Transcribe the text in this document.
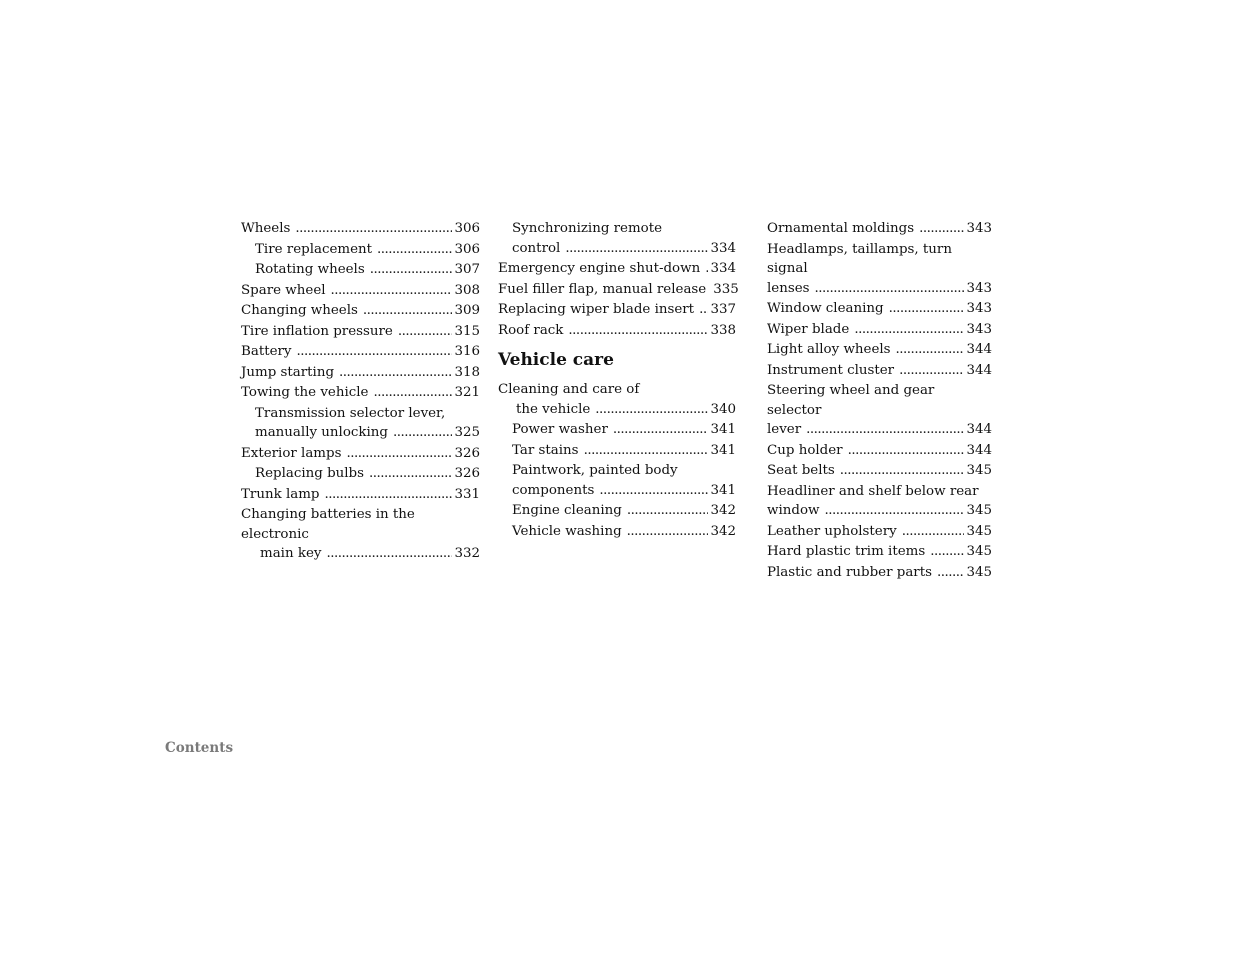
Wheels .....	306
Tire replacement .....	306
Rotating wheels .....	307
Spare wheel .....	308
Changing wheels .....	309
Tire inflation pressure .....	315
Battery .....	316
Jump starting .....	318
Towing the vehicle .....	321
Transmission selector lever,
manually unlocking .....	325
Exterior lamps .....	326
Replacing bulbs .....	326
Trunk lamp .....	331
Changing batteries in the electronic
main key .....	332
Synchronizing remote
control .....	334
Emergency engine shut-down ..... 334
Fuel filler flap, manual release 335
Replacing wiper blade insert ..... 337
Roof rack .....	338
Vehicle care
Cleaning and care of
the vehicle .....	340
Power washer .....	341
Tar stains .....	341
Paintwork, painted body
components .....	341
Engine cleaning .....	342
Vehicle washing .....	342
Ornamental moldings .....	343
Headlamps, taillamps, turn signal
lenses .....	343
Window cleaning .....	343
Wiper blade .....	343
Light alloy wheels .....	344
Instrument cluster .....	344
Steering wheel and gear selector
lever .....	344
Cup holder .....	344
Seat belts .....	345
Headliner and shelf below rear
window .....	345
Leather upholstery .....	345
Hard plastic trim items .....	345
Plastic and rubber parts .....	345
Contents
